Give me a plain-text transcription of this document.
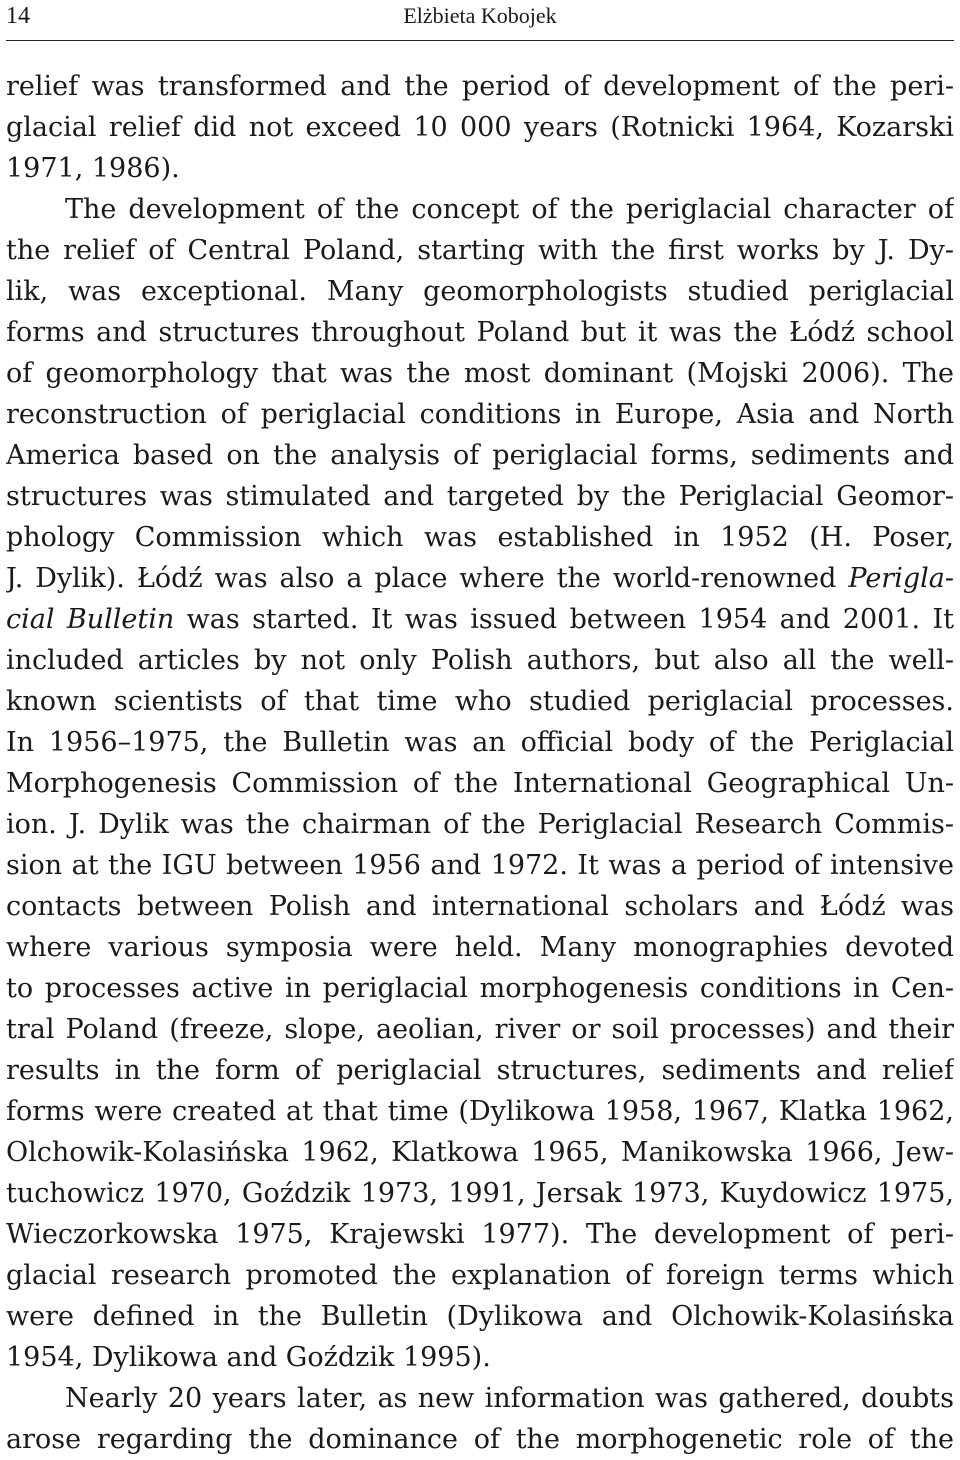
14	Elżbieta Kobojek
relief was transformed and the period of development of the peri-
glacial relief did not exceed 10 000 years (Rotnicki 1964, Kozarski
1971, 1986).
The development of the concept of the periglacial character of
the relief of Central Poland, starting with the first works by J. Dy-
lik, was exceptional. Many geomorphologists studied periglacial
forms and structures throughout Poland but it was the Łódź school
of geomorphology that was the most dominant (Mojski 2006). The
reconstruction of periglacial conditions in Europe, Asia and North
America based on the analysis of periglacial forms, sediments and
structures was stimulated and targeted by the Periglacial Geomor-
phology Commission which was established in 1952 (H. Poser,
J. Dylik). Łódź was also a place where the world-renowned Perigla-
cial Bulletin was started. It was issued between 1954 and 2001. It
included articles by not only Polish authors, but also all the well-
known scientists of that time who studied periglacial processes.
In 1956–1975, the Bulletin was an official body of the Periglacial
Morphogenesis Commission of the International Geographical Un-
ion. J. Dylik was the chairman of the Periglacial Research Commis-
sion at the IGU between 1956 and 1972. It was a period of intensive
contacts between Polish and international scholars and Łódź was
where various symposia were held. Many monographies devoted
to processes active in periglacial morphogenesis conditions in Cen-
tral Poland (freeze, slope, aeolian, river or soil processes) and their
results in the form of periglacial structures, sediments and relief
forms were created at that time (Dylikowa 1958, 1967, Klatka 1962,
Olchowik-Kolasińska 1962, Klatkowa 1965, Manikowska 1966, Jew-
tuchowicz 1970, Goździk 1973, 1991, Jersak 1973, Kuydowicz 1975,
Wieczorkowska 1975, Krajewski 1977). The development of peri-
glacial research promoted the explanation of foreign terms which
were defined in the Bulletin (Dylikowa and Olchowik-Kolasińska
1954, Dylikowa and Goździk 1995).
Nearly 20 years later, as new information was gathered, doubts
arose regarding the dominance of the morphogenetic role of the
